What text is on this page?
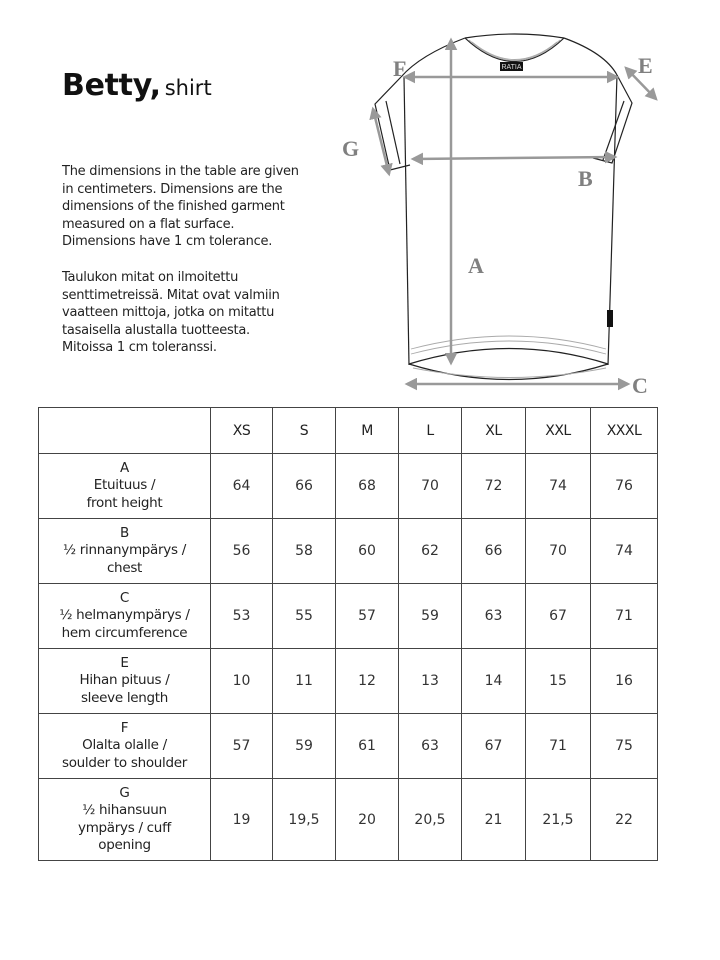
Betty, shirt
The dimensions in the table are given
in centimeters. Dimensions are the
dimensions of the finished garment
measured on a flat surface.
Dimensions have 1 cm tolerance.
Taulukon mitat on ilmoitettu
senttimetreissä. Mitat ovat valmiin
vaatteen mittoja, jotka on mitattu
tasaisella alustalla tuotteesta.
Mitoissa 1 cm toleranssi.
RATIA
A
B
C
E
F
G
	XS	S	M	L	XL	XXL	XXXL

A
Etuituus /
front height	64	66	68	70	72	74	76

B
½ rinnanympärys /
chest	56	58	60	62	66	70	74

C
½ helmanympärys /
hem circumference	53	55	57	59	63	67	71

E
Hihan pituus /
sleeve length	10	11	12	13	14	15	16

F
Olalta olalle /
soulder to shoulder	57	59	61	63	67	71	75

G
½ hihansuun
ympärys / cuff
opening	19	19,5	20	20,5	21	21,5	22
